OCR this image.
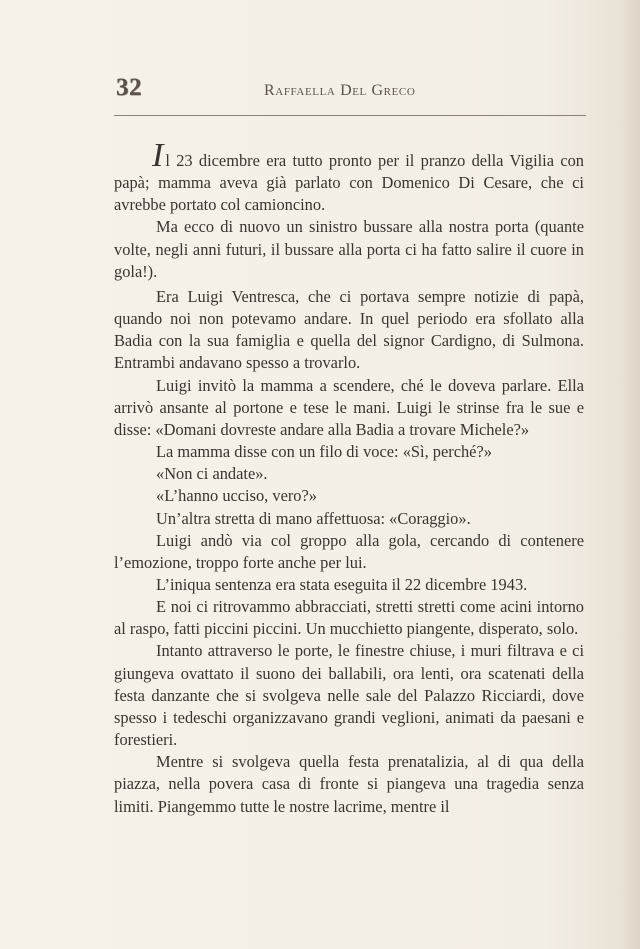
32	Raffaella Del Greco

Il 23 dicembre era tutto pronto per il pranzo della Vigilia con papà; mamma aveva già parlato con Domenico Di Cesare, che ci avrebbe portato col camioncino.

Ma ecco di nuovo un sinistro bussare alla nostra porta (quante volte, negli anni futuri, il bussare alla porta ci ha fatto salire il cuore in gola!).

Era Luigi Ventresca, che ci portava sempre notizie di papà, quando noi non potevamo andare. In quel periodo era sfollato alla Badia con la sua famiglia e quella del signor Cardigno, di Sulmona. Entrambi andavano spesso a trovarlo.

Luigi invitò la mamma a scendere, ché le doveva parlare. Ella arrivò ansante al portone e tese le mani. Luigi le strinse fra le sue e disse: «Domani dovreste andare alla Badia a trovare Michele?»

La mamma disse con un filo di voce: «Sì, perché?»

«Non ci andate».

«L’hanno ucciso, vero?»

Un’altra stretta di mano affettuosa: «Coraggio».

Luigi andò via col groppo alla gola, cercando di contenere l’emozione, troppo forte anche per lui.

L’iniqua sentenza era stata eseguita il 22 dicembre 1943.

E noi ci ritrovammo abbracciati, stretti stretti come acini intorno al raspo, fatti piccini piccini. Un mucchietto piangente, disperato, solo.

Intanto attraverso le porte, le finestre chiuse, i muri filtrava e ci giungeva ovattato il suono dei ballabili, ora lenti, ora scatenati della festa danzante che si svolgeva nelle sale del Palazzo Ricciardi, dove spesso i tedeschi organizzavano grandi veglioni, animati da paesani e forestieri.

Mentre si svolgeva quella festa prenatalizia, al di qua della piazza, nella povera casa di fronte si piangeva una tragedia senza limiti. Piangemmo tutte le nostre lacrime, mentre il
